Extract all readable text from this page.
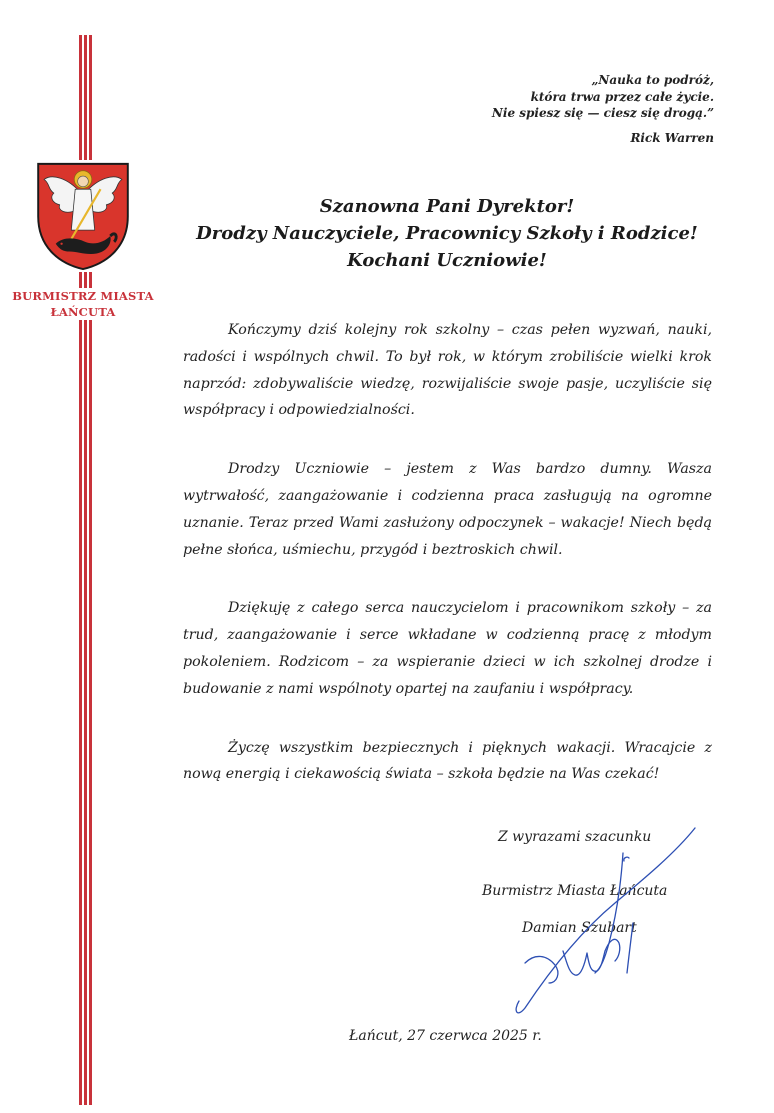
BURMISTRZ MIASTA
ŁAŃCUTA
„Nauka to podróż,
która trwa przez całe życie.
Nie spiesz się — ciesz się drogą.”
Rick Warren
Szanowna Pani Dyrektor!
Drodzy Nauczyciele, Pracownicy Szkoły i Rodzice!
Kochani Uczniowie!

Kończymy dziś kolejny rok szkolny – czas pełen wyzwań, nauki, radości i wspólnych chwil. To był rok, w którym zrobiliście wielki krok naprzód: zdobywaliście wiedzę, rozwijaliście swoje pasje, uczyliście się współpracy i odpowiedzialności.

Drodzy Uczniowie – jestem z Was bardzo dumny. Wasza wytrwałość, zaangażowanie i codzienna praca zasługują na ogromne uznanie. Teraz przed Wami zasłużony odpoczynek – wakacje! Niech będą pełne słońca, uśmiechu, przygód i beztroskich chwil.

Dziękuję z całego serca nauczycielom i pracownikom szkoły – za trud, zaangażowanie i serce wkładane w codzienną pracę z młodym pokoleniem. Rodzicom – za wspieranie dzieci w ich szkolnej drodze i budowanie z nami wspólnoty opartej na zaufaniu i współpracy.

Życzę wszystkim bezpiecznych i pięknych wakacji. Wracajcie z nową energią i ciekawością świata – szkoła będzie na Was czekać!

Z wyrazami szacunku
Burmistrz Miasta Łańcuta
Damian Szubart
Łańcut, 27 czerwca 2025 r.
